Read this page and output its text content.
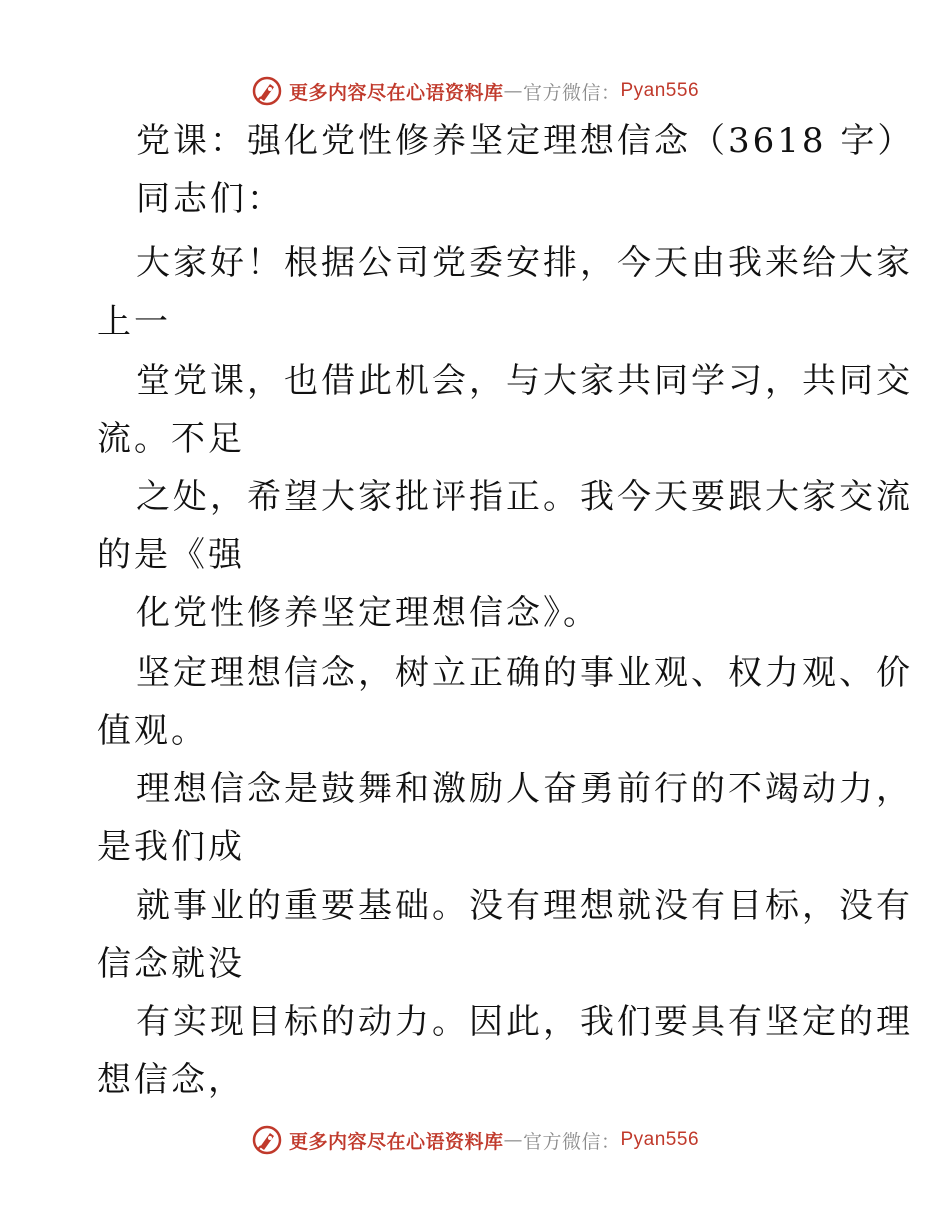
更多内容尽在心语资料库 — 官方微信： Pyan556
党课：强化党性修养坚定理想信念（3618 字）
同志们：
大家好！根据公司党委安排，今天由我来给大家
上一
堂党课，也借此机会，与大家共同学习，共同交
流。不足
之处，希望大家批评指正。我今天要跟大家交流
的是《强
化党性修养坚定理想信念》。
坚定理想信念，树立正确的事业观、权力观、价
值观。
理想信念是鼓舞和激励人奋勇前行的不竭动力，
是我们成
就事业的重要基础。没有理想就没有目标，没有
信念就没
有实现目标的动力。因此，我们要具有坚定的理
想信念，
更多内容尽在心语资料库 — 官方微信： Pyan556
